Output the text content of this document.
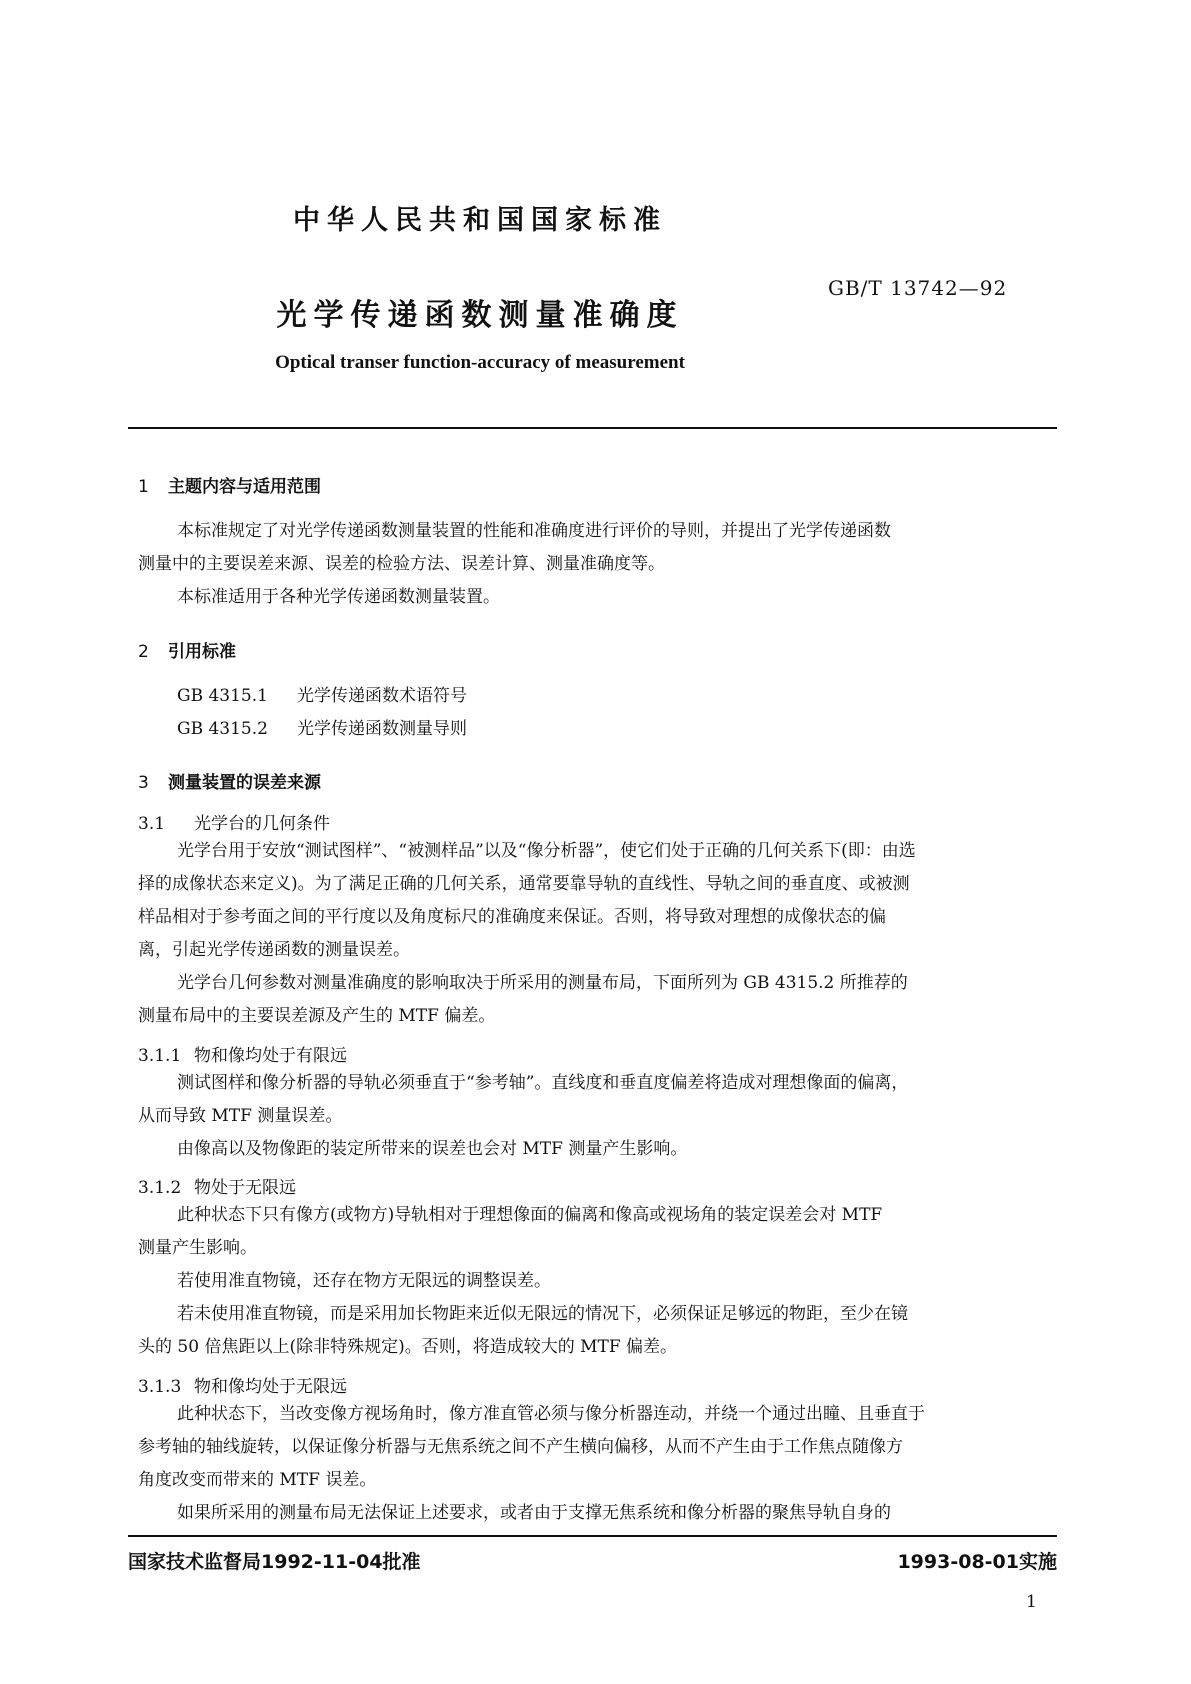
中华人民共和国国家标准
GB/T 13742—92
光学传递函数测量准确度
Optical transer function-accuracy of measurement
1 主题内容与适用范围
本标准规定了对光学传递函数测量装置的性能和准确度进行评价的导则，并提出了光学传递函数
测量中的主要误差来源、误差的检验方法、误差计算、测量准确度等。
本标准适用于各种光学传递函数测量装置。
2 引用标准
GB 4315.1 光学传递函数术语符号
GB 4315.2 光学传递函数测量导则
3 测量装置的误差来源
3.1 光学台的几何条件
光学台用于安放“测试图样”、“被测样品”以及“像分析器”，使它们处于正确的几何关系下(即：由选
择的成像状态来定义)。为了满足正确的几何关系，通常要靠导轨的直线性、导轨之间的垂直度、或被测
样品相对于参考面之间的平行度以及角度标尺的准确度来保证。否则，将导致对理想的成像状态的偏
离，引起光学传递函数的测量误差。
光学台几何参数对测量准确度的影响取决于所采用的测量布局，下面所列为 GB 4315.2 所推荐的
测量布局中的主要误差源及产生的 MTF 偏差。
3.1.1 物和像均处于有限远
测试图样和像分析器的导轨必须垂直于“参考轴”。直线度和垂直度偏差将造成对理想像面的偏离，
从而导致 MTF 测量误差。
由像高以及物像距的装定所带来的误差也会对 MTF 测量产生影响。
3.1.2 物处于无限远
此种状态下只有像方(或物方)导轨相对于理想像面的偏离和像高或视场角的装定误差会对 MTF
测量产生影响。
若使用准直物镜，还存在物方无限远的调整误差。
若未使用准直物镜，而是采用加长物距来近似无限远的情况下，必须保证足够远的物距，至少在镜
头的 50 倍焦距以上(除非特殊规定)。否则，将造成较大的 MTF 偏差。
3.1.3 物和像均处于无限远
此种状态下，当改变像方视场角时，像方准直管必须与像分析器连动，并绕一个通过出瞳、且垂直于
参考轴的轴线旋转，以保证像分析器与无焦系统之间不产生横向偏移，从而不产生由于工作焦点随像方
角度改变而带来的 MTF 误差。
如果所采用的测量布局无法保证上述要求，或者由于支撑无焦系统和像分析器的聚焦导轨自身的
国家技术监督局1992-11-04批准	1993-08-01实施
1
